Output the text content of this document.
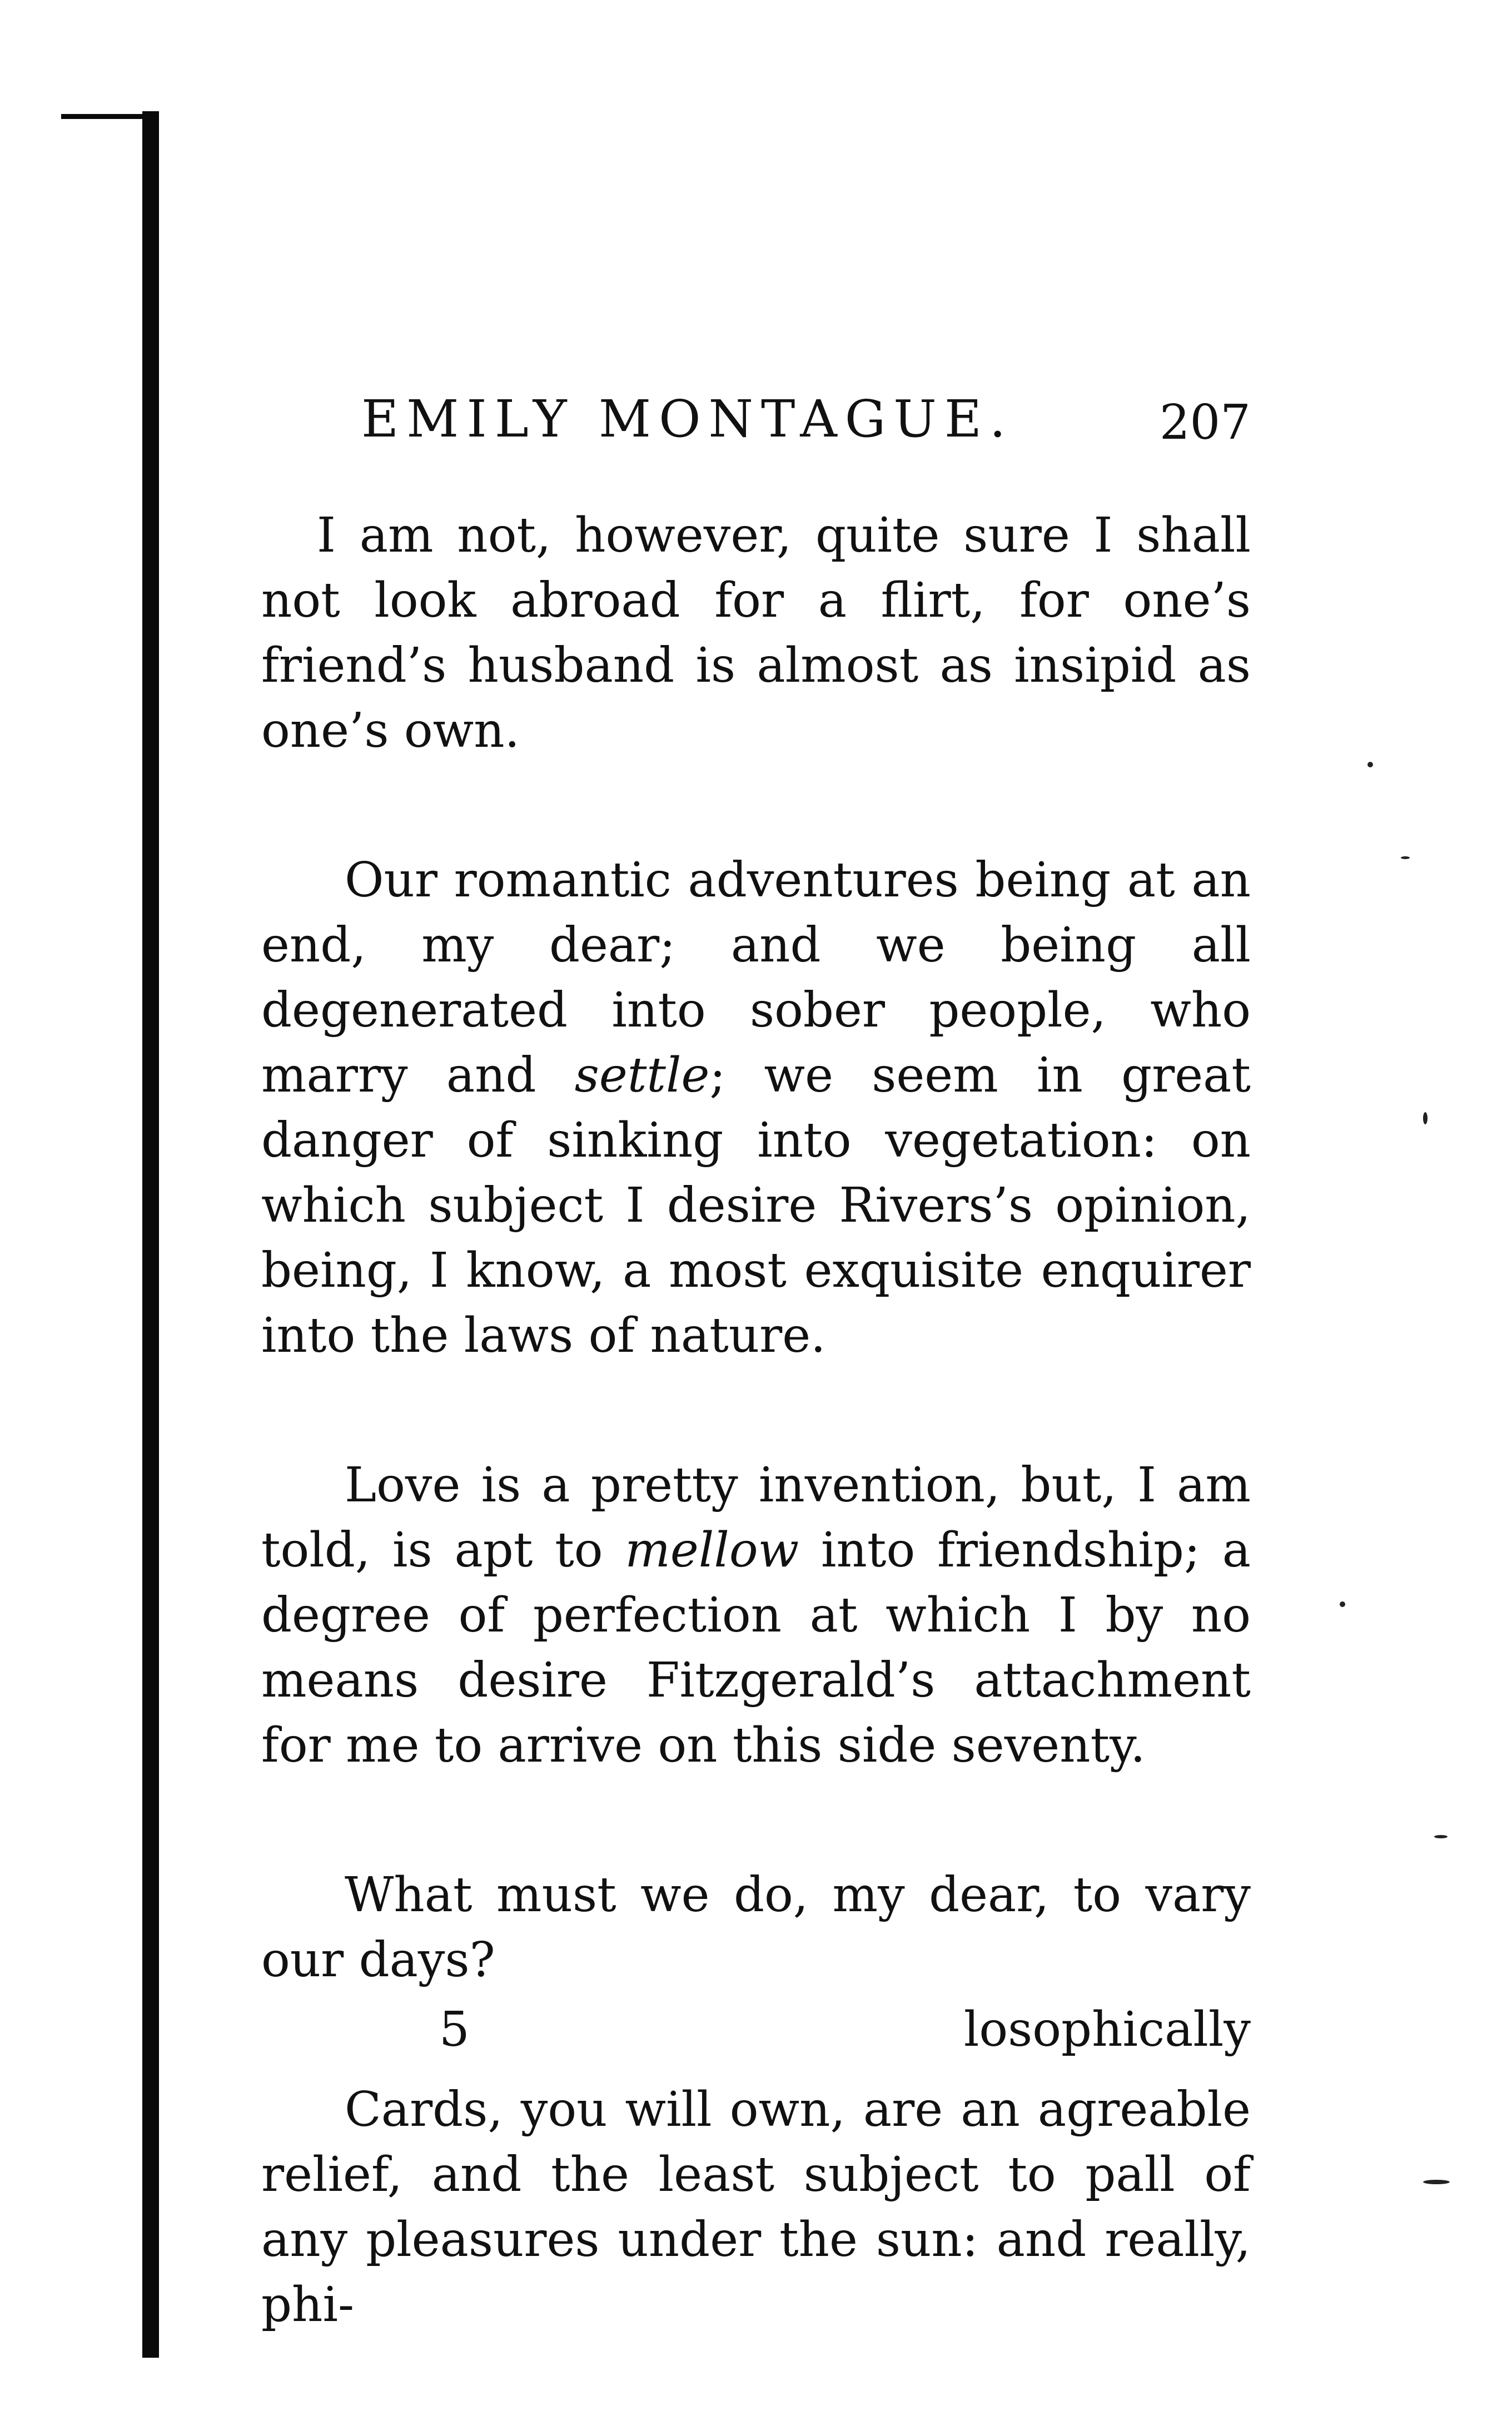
EMILY MONTAGUE.	207

I am not, however, quite sure I shall not look abroad for a flirt, for one’s friend’s husband is almost as insipid as one’s own.

Our romantic adventures being at an end, my dear; and we being all degenerated into sober people, who marry and settle; we seem in great danger of sinking into vegetation: on which subject I desire Rivers’s opinion, being, I know, a most exquisite enquirer into the laws of nature.

Love is a pretty invention, but, I am told, is apt to mellow into friendship; a degree of perfection at which I by no means desire Fitzgerald’s attachment for me to arrive on this side seventy.

What must we do, my dear, to vary our days?

Cards, you will own, are an agreable relief, and the least subject to pall of any pleasures under the sun: and really, phi-

5	losophically
